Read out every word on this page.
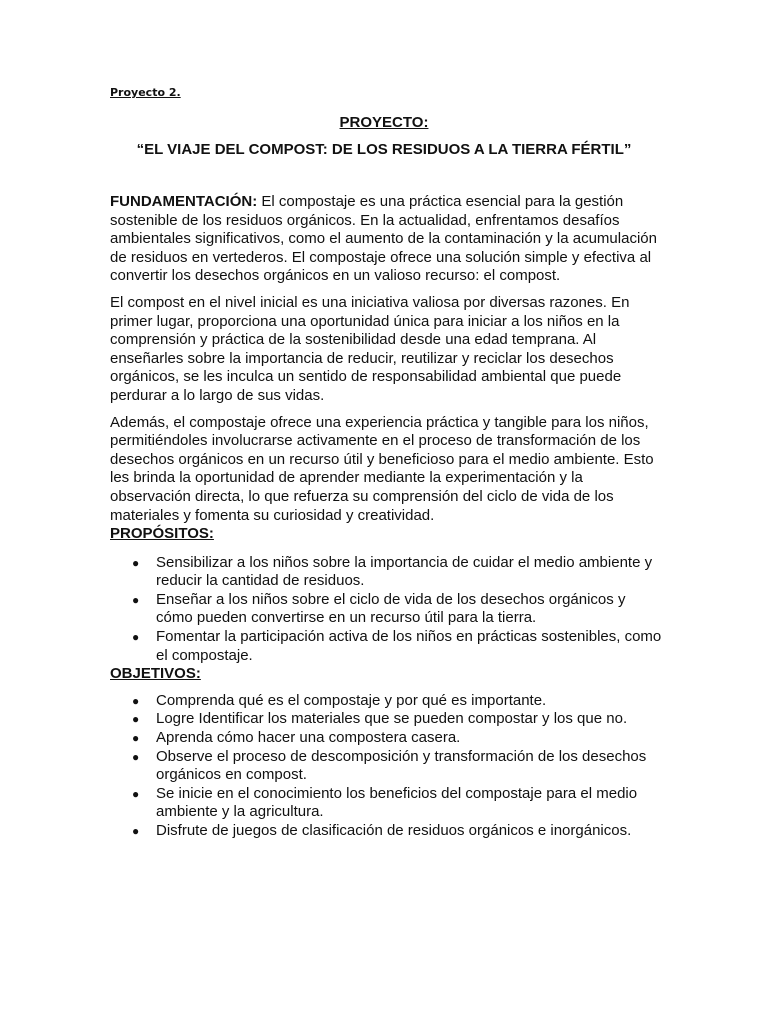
Proyecto 2.
PROYECTO:
“EL VIAJE DEL COMPOST: DE LOS RESIDUOS A LA TIERRA FÉRTIL”

FUNDAMENTACIÓN: El compostaje es una práctica esencial para la gestión sostenible de los residuos orgánicos. En la actualidad, enfrentamos desafíos ambientales significativos, como el aumento de la contaminación y la acumulación de residuos en vertederos. El compostaje ofrece una solución simple y efectiva al convertir los desechos orgánicos en un valioso recurso: el compost.

El compost en el nivel inicial es una iniciativa valiosa por diversas razones. En primer lugar, proporciona una oportunidad única para iniciar a los niños en la comprensión y práctica de la sostenibilidad desde una edad temprana. Al enseñarles sobre la importancia de reducir, reutilizar y reciclar los desechos orgánicos, se les inculca un sentido de responsabilidad ambiental que puede perdurar a lo largo de sus vidas.

Además, el compostaje ofrece una experiencia práctica y tangible para los niños, permitiéndoles involucrarse activamente en el proceso de transformación de los desechos orgánicos en un recurso útil y beneficioso para el medio ambiente. Esto les brinda la oportunidad de aprender mediante la experimentación y la observación directa, lo que refuerza su comprensión del ciclo de vida de los materiales y fomenta su curiosidad y creatividad.

PROPÓSITOS:

● Sensibilizar a los niños sobre la importancia de cuidar el medio ambiente y reducir la cantidad de residuos.
● Enseñar a los niños sobre el ciclo de vida de los desechos orgánicos y cómo pueden convertirse en un recurso útil para la tierra.
● Fomentar la participación activa de los niños en prácticas sostenibles, como el compostaje.

OBJETIVOS:

● Comprenda qué es el compostaje y por qué es importante.
● Logre Identificar los materiales que se pueden compostar y los que no.
● Aprenda cómo hacer una compostera casera.
● Observe el proceso de descomposición y transformación de los desechos orgánicos en compost.
● Se inicie en el conocimiento los beneficios del compostaje para el medio ambiente y la agricultura.
● Disfrute de juegos de clasificación de residuos orgánicos e inorgánicos.
